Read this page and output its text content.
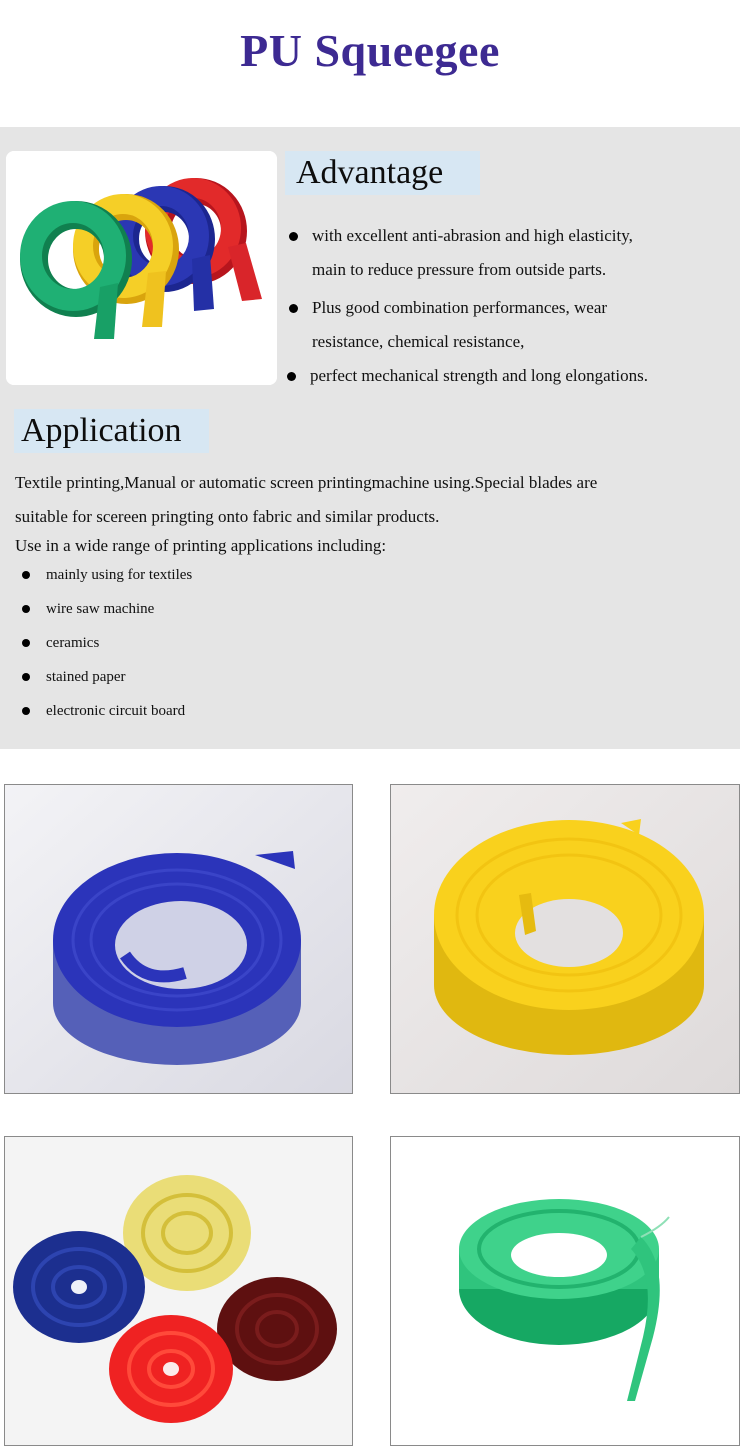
PU Squeegee
Advantage
with excellent anti-abrasion and high elasticity,
main to reduce pressure from outside parts.
Plus good combination performances, wear
resistance, chemical resistance,
perfect mechanical strength and long elongations.
Application

Textile printing,Manual or automatic screen printingmachine using.Special blades are

suitable for scereen pringting onto fabric and similar products.

Use in a wide range of printing applications including:

mainly using for textiles
wire saw machine
ceramics
stained paper
electronic circuit board
